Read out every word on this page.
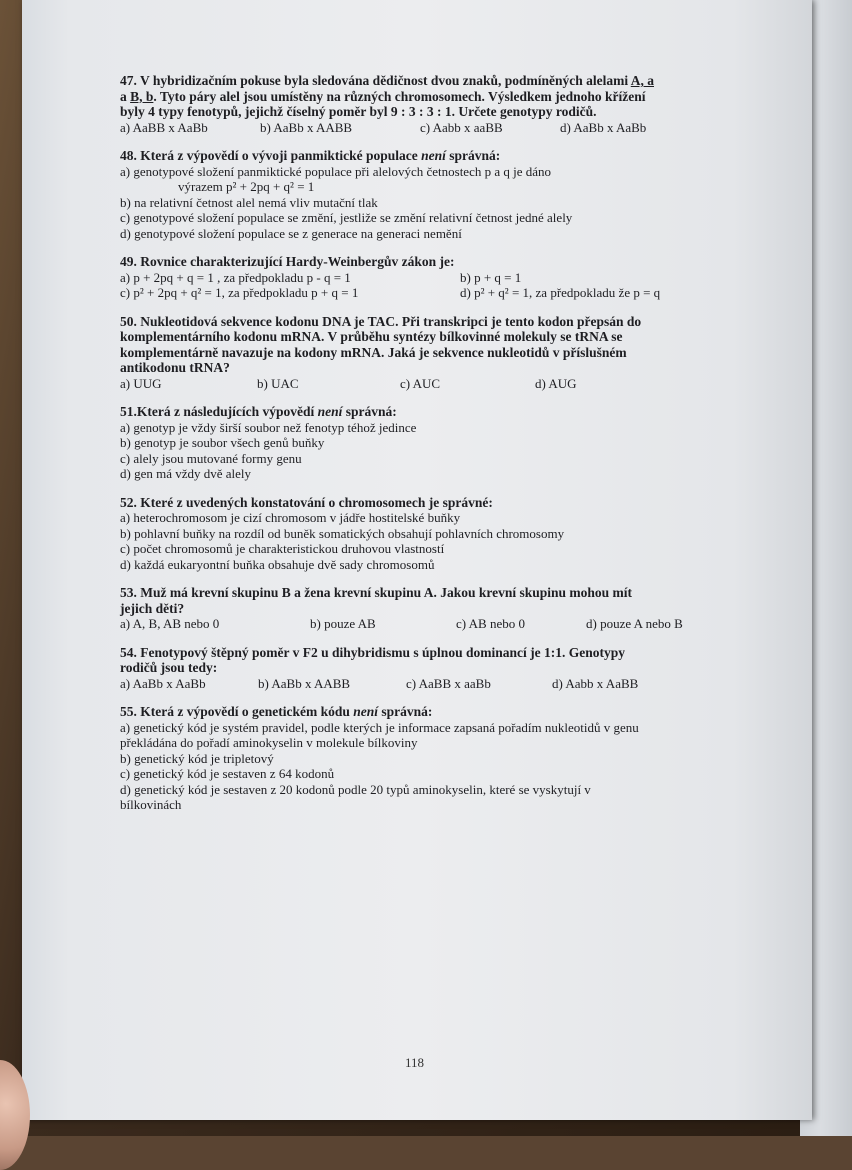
47. V hybridizačním pokuse byla sledována dědičnost dvou znaků, podmíněných alelami A, a
a B, b. Tyto páry alel jsou umístěny na různých chromosomech. Výsledkem jednoho křížení
byly 4 typy fenotypů, jejichž číselný poměr byl 9 : 3 : 3 : 1. Určete genotypy rodičů.
a) AaBB x AaBb	b) AaBb x AABB	c) Aabb x aaBB	d) AaBb x AaBb
48. Která z výpovědí o vývoji panmiktické populace není správná:
a) genotypové složení panmiktické populace při alelových četnostech p a q je dáno
výrazem p² + 2pq + q² = 1
b) na relativní četnost alel nemá vliv mutační tlak
c) genotypové složení populace se změní, jestliže se změní relativní četnost jedné alely
d) genotypové složení populace se z generace na generaci nemění
49. Rovnice charakterizující Hardy-Weinbergův zákon je:
a) p + 2pq + q = 1 , za předpokladu p - q = 1	b) p + q = 1
c) p² + 2pq + q² = 1, za předpokladu p + q = 1	d) p² + q² = 1, za předpokladu že p = q
50. Nukleotidová sekvence kodonu DNA je TAC. Při transkripci je tento kodon přepsán do
komplementárního kodonu mRNA. V průběhu syntézy bílkovinné molekuly se tRNA se
komplementárně navazuje na kodony mRNA. Jaká je sekvence nukleotidů v příslušném
antikodonu tRNA?
a) UUG	b) UAC	c) AUC	d) AUG
51.Která z následujících výpovědí není správná:
a) genotyp je vždy širší soubor než fenotyp téhož jedince
b) genotyp je soubor všech genů buňky
c) alely jsou mutované formy genu
d) gen má vždy dvě alely
52. Které z uvedených konstatování o chromosomech je správné:
a) heterochromosom je cizí chromosom v jádře hostitelské buňky
b) pohlavní buňky na rozdíl od buněk somatických obsahují pohlavních chromosomy
c) počet chromosomů je charakteristickou druhovou vlastností
d) každá eukaryontní buňka obsahuje dvě sady chromosomů
53. Muž má krevní skupinu B a žena krevní skupinu A. Jakou krevní skupinu mohou mít
jejich děti?
a) A, B, AB nebo 0	b) pouze AB	c) AB nebo 0	d) pouze A nebo B
54. Fenotypový štěpný poměr v F2 u dihybridismu s úplnou dominancí je 1:1. Genotypy
rodičů jsou tedy:
a) AaBb x AaBb	b) AaBb x AABB	c) AaBB x aaBb	d) Aabb x AaBB
55. Která z výpovědí o genetickém kódu není správná:
a) genetický kód je systém pravidel, podle kterých je informace zapsaná pořadím nukleotidů v genu
překládána do pořadí aminokyselin v molekule bílkoviny
b) genetický kód je tripletový
c) genetický kód je sestaven z 64 kodonů
d) genetický kód je sestaven z 20 kodonů podle 20 typů aminokyselin, které se vyskytují v
bílkovinách
118
